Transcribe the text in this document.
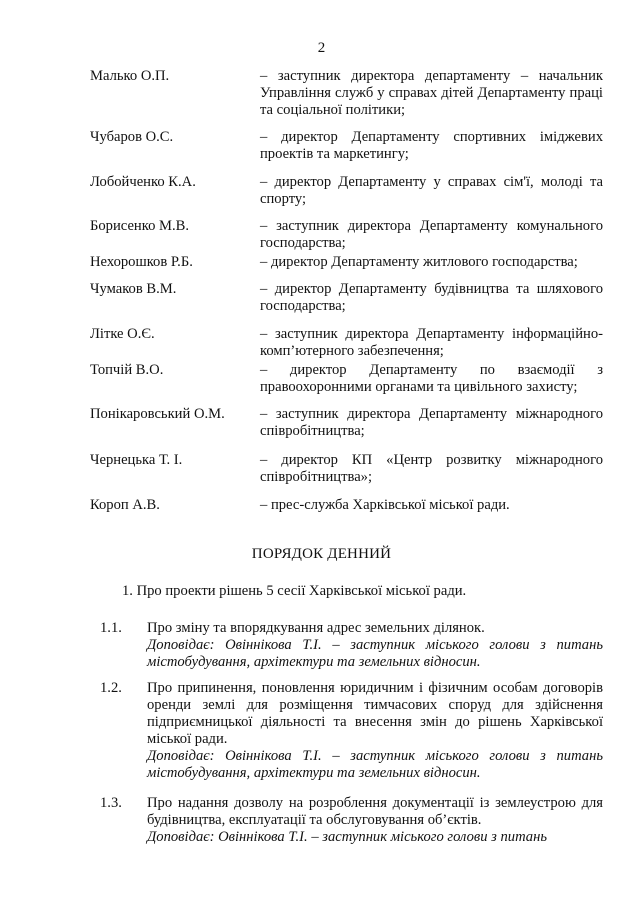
2
Малько О.П.	– заступник директора департаменту – начальник Управління служб у справах дітей Департаменту праці та соціальної політики;
Чубаров О.С.	– директор Департаменту спортивних іміджевих проектів та маркетингу;
Лобойченко К.А.	– директор Департаменту у справах сім'ї, молоді та спорту;
Борисенко М.В.	– заступник директора Департаменту комунального господарства;
Нехорошков Р.Б.	– директор Департаменту житлового господарства;
Чумаков В.М.	– директор Департаменту будівництва та шляхового господарства;
Літке О.Є.	– заступник директора Департаменту інформаційно-комп’ютерного забезпечення;
Топчій В.О.	– директор Департаменту по взаємодії з правоохоронними органами та цивільного захисту;
Понікаровський О.М.	– заступник директора Департаменту міжнародного співробітництва;
Чернецька Т. І.	– директор КП «Центр розвитку міжнародного співробітництва»;
Короп А.В.	– прес-служба Харківської міської ради.
ПОРЯДОК ДЕННИЙ
1. Про проекти рішень 5 сесії Харківської міської ради.
1.1. Про зміну та впорядкування адрес земельних ділянок.
Доповідає: Овіннікова Т.І. – заступник міського голови з питань містобудування, архітектури та земельних відносин.
1.2. Про припинення, поновлення юридичним і фізичним особам договорів оренди землі для розміщення тимчасових споруд для здійснення підприємницької діяльності та внесення змін до рішень Харківської міської ради.
Доповідає: Овіннікова Т.І. – заступник міського голови з питань містобудування, архітектури та земельних відносин.
1.3. Про надання дозволу на розроблення документації із землеустрою для будівництва, експлуатації та обслуговування об’єктів.
Доповідає: Овіннікова Т.І. – заступник міського голови з питань
